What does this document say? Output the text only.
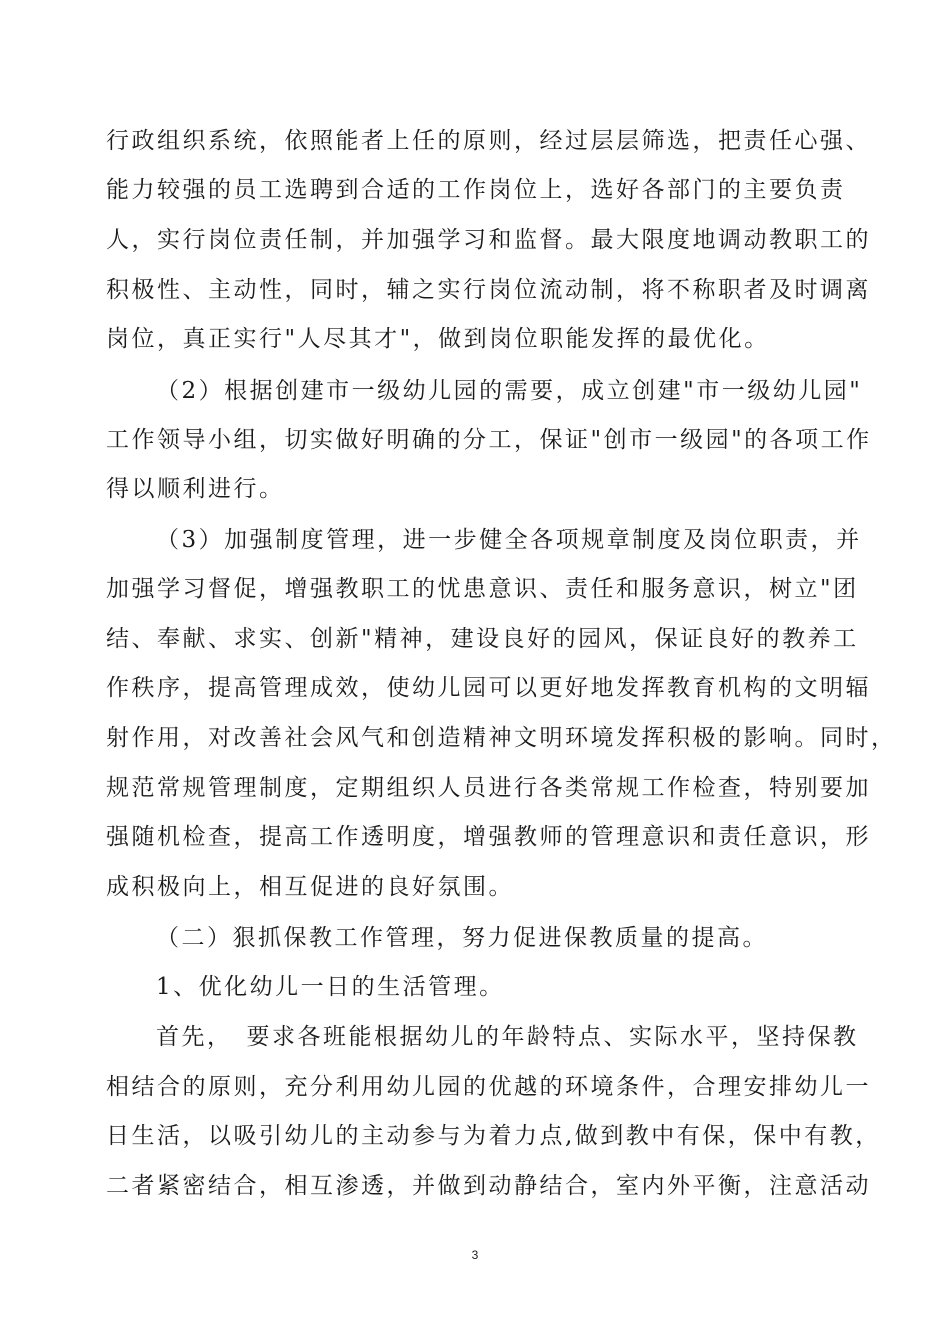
行政组织系统，依照能者上任的原则，经过层层筛选，把责任心强、
能力较强的员工选聘到合适的工作岗位上，选好各部门的主要负责
人，实行岗位责任制，并加强学习和监督。最大限度地调动教职工的
积极性、主动性，同时，辅之实行岗位流动制，将不称职者及时调离
岗位，真正实行"人尽其才"，做到岗位职能发挥的最优化。
（2）根据创建市一级幼儿园的需要，成立创建"市一级幼儿园"
工作领导小组，切实做好明确的分工，保证"创市一级园"的各项工作
得以顺利进行。
（3）加强制度管理，进一步健全各项规章制度及岗位职责，并
加强学习督促，增强教职工的忧患意识、责任和服务意识，树立"团
结、奉献、求实、创新"精神，建设良好的园风，保证良好的教养工
作秩序，提高管理成效，使幼儿园可以更好地发挥教育机构的文明辐
射作用，对改善社会风气和创造精神文明环境发挥积极的影响。同时，
规范常规管理制度，定期组织人员进行各类常规工作检查，特别要加
强随机检查，提高工作透明度，增强教师的管理意识和责任意识，形
成积极向上，相互促进的良好氛围。
（二）狠抓保教工作管理，努力促进保教质量的提高。
1、优化幼儿一日的生活管理。
首先，　要求各班能根据幼儿的年龄特点、实际水平，坚持保教
相结合的原则，充分利用幼儿园的优越的环境条件，合理安排幼儿一
日生活，以吸引幼儿的主动参与为着力点,做到教中有保，保中有教，
二者紧密结合，相互渗透，并做到动静结合，室内外平衡，注意活动
3
